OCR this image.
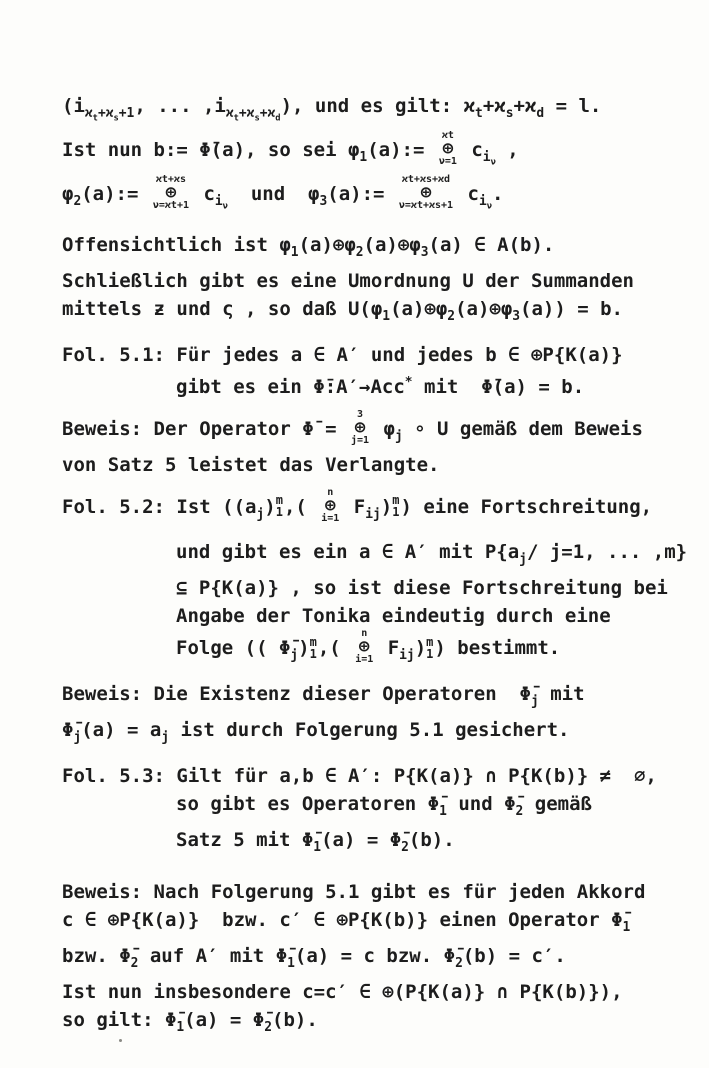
($i_{ϰ_t+ϰ_s+1}$, ... $,i_{ϰ_t+ϰ_s+ϰ_d}$), und es gilt: $ϰ_t+ϰ_s+ϰ_d = l$.
Ist nun b:= Φ̄(a), so sei $\varphi_1(a):=$
ϰt
⊕
ν=1
$c_{i_\nu}$ ,
$\varphi_2(a):=$
ϰt+ϰs
⊕
ν=ϰt+1
$c_{i_\nu}$  und  $\varphi_3(a):=$
ϰt+ϰs+ϰd
⊕
ν=ϰt+ϰs+1
$c_{i_\nu}$.
Offensichtlich ist $\varphi_1(a)\oplus\varphi_2(a)\oplus\varphi_3(a)$ ∈ A(b).
Schließlich gibt es eine Umordnung U der Summanden
mittels ƶ und ς , so daß $U(\varphi_1(a)\oplus\varphi_2(a)\oplus\varphi_3(a)) = b$.
Fol. 5.1: Für jedes a ∈ A′ und jedes b ∈ ⊕P{K(a)}
gibt es ein Φ̄:A′→Acc* mit  Φ̄(a) = b.
Beweis: Der Operator Φ̄ =
3
⊕
j=1
$\varphi_j$ ∘ U gemäß dem Beweis
von Satz 5 leistet das Verlangte.
Fol. 5.2: Ist ($(a_j)$ m
1 ,(
n
⊕
i=1
$F_{ij}$) m
1 ) eine Fortschreitung,
und gibt es ein a ∈ A′ mit $P\{a_j/$ j=1, ... ,m}
⊆ P{K(a)} , so ist diese Fortschreitung bei
Angabe der Tonika eindeutig durch eine
Folge (( $\Phī_j$) m
1 ,(
n
⊕
i=1
$F_{ij}$) m
1 ) bestimmt.
Beweis: Die Existenz dieser Operatoren  $\Phī_j$ mit
$\Phī_j(a) = a_j$ ist durch Folgerung 5.1 gesichert.
Fol. 5.3: Gilt für a,b ∈ A′: P{K(a)} ∩ P{K(b)} ≠  ∅,
so gibt es Operatoren $\Phī_1$ und $\Phī_2$ gemäß
Satz 5 mit $\Phī_1(a)$ = $\Phī_2(b)$.
Beweis: Nach Folgerung 5.1 gibt es für jeden Akkord
c ∈ ⊕P{K(a)}  bzw. c′ ∈ ⊕P{K(b)} einen Operator $\Phī_1$
bzw. $\Phī_2$ auf A′ mit $\Phī_1(a) = c$ bzw. $\Phī_2(b) = c'$.
Ist nun insbesondere c=c′ ∈ ⊕(P{K(a)} ∩ P{K(b)}),
so gilt: $\Phī_1(a)$ = $\Phī_2(b)$.
